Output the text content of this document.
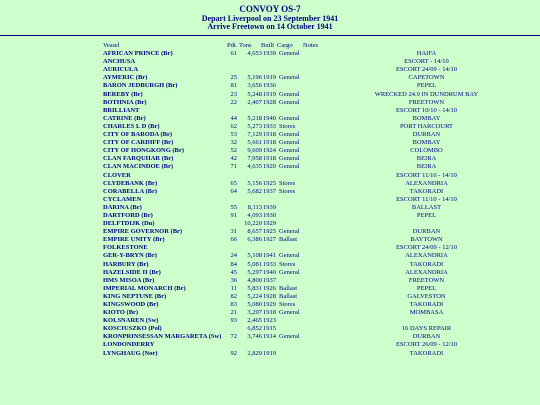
CONVOY OS-7
Depart Liverpool on 23 September 1941
Arrive Freetown on 14 October 1941
Vessel	Pdt. Tons	Built Cargo	Notes
AFRICAN PRINCE (Br)	61	4,653 1939 General	HAIFA
ANCHUSA	ESCORT - 14/10
AURICULA	ESCORT 24/09 - 14/10
AYMERIC (Br)	25	5,196 1919 General	CAPETOWN
BARON JEDBURGH (Br)	81	3,656 1936	PEPEL
BEREBY (Br)	23	5,248 1919 General	WRECKED 24.9 IN DUNDRUM BAY
BOTHNIA (Br)	22	2,407 1928 General	FREETOWN
BRILLIANT	ESCORT 10/10 - 14/10
CATRINE (Br)	44	5,218 1940 General	BOMBAY
CHARLES L D (Br)	62	5,273 1933 Stores	PORT HARCOURT
CITY OF BARODA (Br)	53	7,129 1918 General	DURBAN
CITY OF CARDIFF (Br)	32	5,661 1918 General	BOMBAY
CITY OF HONGKONG (Br)	52	9,609 1924 General	COLOMBO
CLAN FARQUHAR (Br)	42	7,958 1918 General	BEIRA
CLAN MACINDOE (Br)	71	4,635 1920 General	BEIRA
CLOVER	ESCORT 11/10 - 14/10
CLYDEBANK (Br)	65	5,156 1925 Stores	ALEXANDRIA
CORABELLA (Br)	64	5,682 1937 Stores	TAKORADI
CYCLAMEN	ESCORT 11/10 - 14/10
DARINA (Br)	55	8,113 1939	BALLAST
DARTFORD (Br)	91	4,093 1930	PEPEL
DELFTDIJK (Du)	10,220 1929
EMPIRE GOVERNOR (Br)	31	8,657 1925 General	DURBAN
EMPIRE UNITY (Br)	66	6,386 1927 Ballast	BAYTOWN
FOLKESTONE	ESCORT 24/09 - 12/10
GER-Y-BRYN (Br)	24	5,108 1941 General	ALEXANDRIA
HARBURY (Br)	84	5,081 1933 Stores	TAKORADI
HAZELSIDE II (Br)	45	5,297 1940 General	ALEXANDRIA
HMS MISOA (Br)	36	4,800 1937	FREETOWN
IMPERIAL MONARCH (Br)	11	5,831 1926 Ballast	PEPEL
KING NEPTUNE (Br)	82	5,224 1928 Ballast	GALVESTON
KINGSWOOD (Br)	83	5,080 1929 Stores	TAKORADI
KIOTO (Br)	21	3,297 1918 General	MOMBASA
KOLSNAREN (Sw)	93	2,465 1923
KOSCIUSZKO (Pol)	6,852 1915	16 DAYS REPAIR
KRONPRINSESSAN MARGARETA (Sw)	72	3,746 1914 General	DURBAN
LONDONDERRY	ESCORT 26/09 - 12/10
LYNGHAUG (Nor)	92	2,829 1919	TAKORADI
